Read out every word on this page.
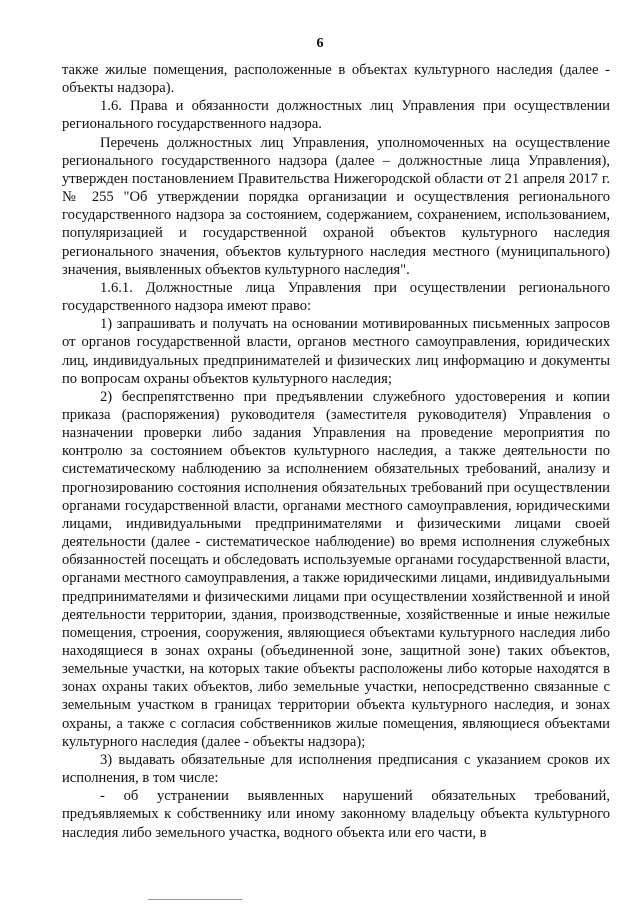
6

также жилые помещения, расположенные в объектах культурного наследия (далее - объекты надзора).

1.6. Права и обязанности должностных лиц Управления при осуществлении регионального государственного надзора.

Перечень должностных лиц Управления, уполномоченных на осуществление регионального государственного надзора (далее – должностные лица Управления), утвержден постановлением Правительства Нижегородской области от 21 апреля 2017 г. № 255 "Об утверждении порядка организации и осуществления регионального государственного надзора за состоянием, содержанием, сохранением, использованием, популяризацией и государственной охраной объектов культурного наследия регионального значения, объектов культурного наследия местного (муниципального) значения, выявленных объектов культурного наследия".

1.6.1. Должностные лица Управления при осуществлении регионального государственного надзора имеют право:

1) запрашивать и получать на основании мотивированных письменных запросов от органов государственной власти, органов местного самоуправления, юридических лиц, индивидуальных предпринимателей и физических лиц информацию и документы по вопросам охраны объектов культурного наследия;

2) беспрепятственно при предъявлении служебного удостоверения и копии приказа (распоряжения) руководителя (заместителя руководителя) Управления о назначении проверки либо задания Управления на проведение мероприятия по контролю за состоянием объектов культурного наследия, а также деятельности по систематическому наблюдению за исполнением обязательных требований, анализу и прогнозированию состояния исполнения обязательных требований при осуществлении органами государственной власти, органами местного самоуправления, юридическими лицами, индивидуальными предпринимателями и физическими лицами своей деятельности (далее - систематическое наблюдение) во время исполнения служебных обязанностей посещать и обследовать используемые органами государственной власти, органами местного самоуправления, а также юридическими лицами, индивидуальными предпринимателями и физическими лицами при осуществлении хозяйственной и иной деятельности территории, здания, производственные, хозяйственные и иные нежилые помещения, строения, сооружения, являющиеся объектами культурного наследия либо находящиеся в зонах охраны (объединенной зоне, защитной зоне) таких объектов, земельные участки, на которых такие объекты расположены либо которые находятся в зонах охраны таких объектов, либо земельные участки, непосредственно связанные с земельным участком в границах территории объекта культурного наследия, и зонах охраны, а также с согласия собственников жилые помещения, являющиеся объектами культурного наследия (далее - объекты надзора);

3) выдавать обязательные для исполнения предписания с указанием сроков их исполнения, в том числе:

- об устранении выявленных нарушений обязательных требований, предъявляемых к собственнику или иному законному владельцу объекта культурного наследия либо земельного участка, водного объекта или его части, в
